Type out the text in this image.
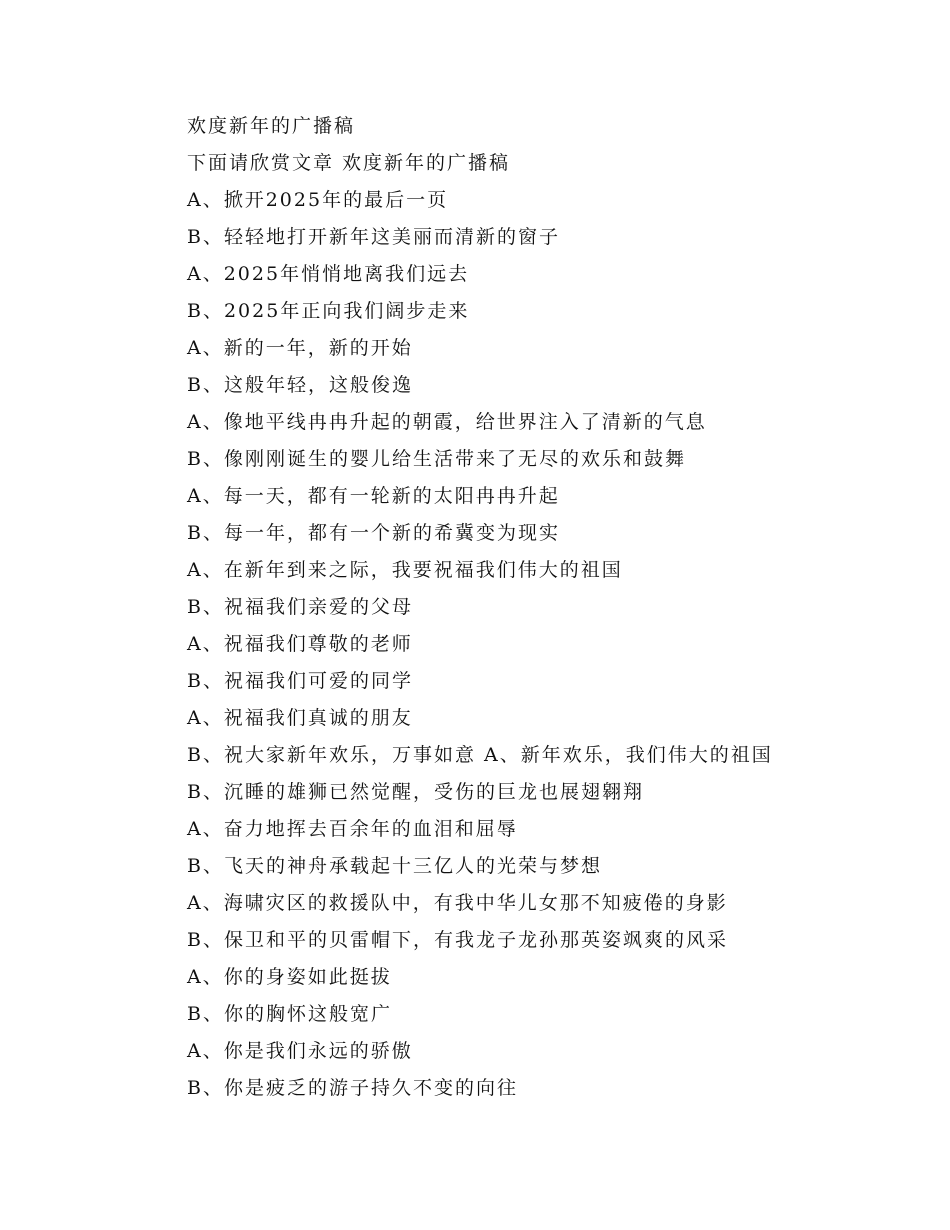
欢度新年的广播稿
下面请欣赏文章 欢度新年的广播稿
A、掀开2025年的最后一页
B、轻轻地打开新年这美丽而清新的窗子
A、2025年悄悄地离我们远去
B、2025年正向我们阔步走来
A、新的一年，新的开始
B、这般年轻，这般俊逸
A、像地平线冉冉升起的朝霞，给世界注入了清新的气息
B、像刚刚诞生的婴儿给生活带来了无尽的欢乐和鼓舞
A、每一天，都有一轮新的太阳冉冉升起
B、每一年，都有一个新的希冀变为现实
A、在新年到来之际，我要祝福我们伟大的祖国
B、祝福我们亲爱的父母
A、祝福我们尊敬的老师
B、祝福我们可爱的同学
A、祝福我们真诚的朋友
B、祝大家新年欢乐，万事如意 A、新年欢乐，我们伟大的祖国
B、沉睡的雄狮已然觉醒，受伤的巨龙也展翅翱翔
A、奋力地挥去百余年的血泪和屈辱
B、飞天的神舟承载起十三亿人的光荣与梦想
A、海啸灾区的救援队中，有我中华儿女那不知疲倦的身影
B、保卫和平的贝雷帽下，有我龙子龙孙那英姿飒爽的风采
A、你的身姿如此挺拔
B、你的胸怀这般宽广
A、你是我们永远的骄傲
B、你是疲乏的游子持久不变的向往
